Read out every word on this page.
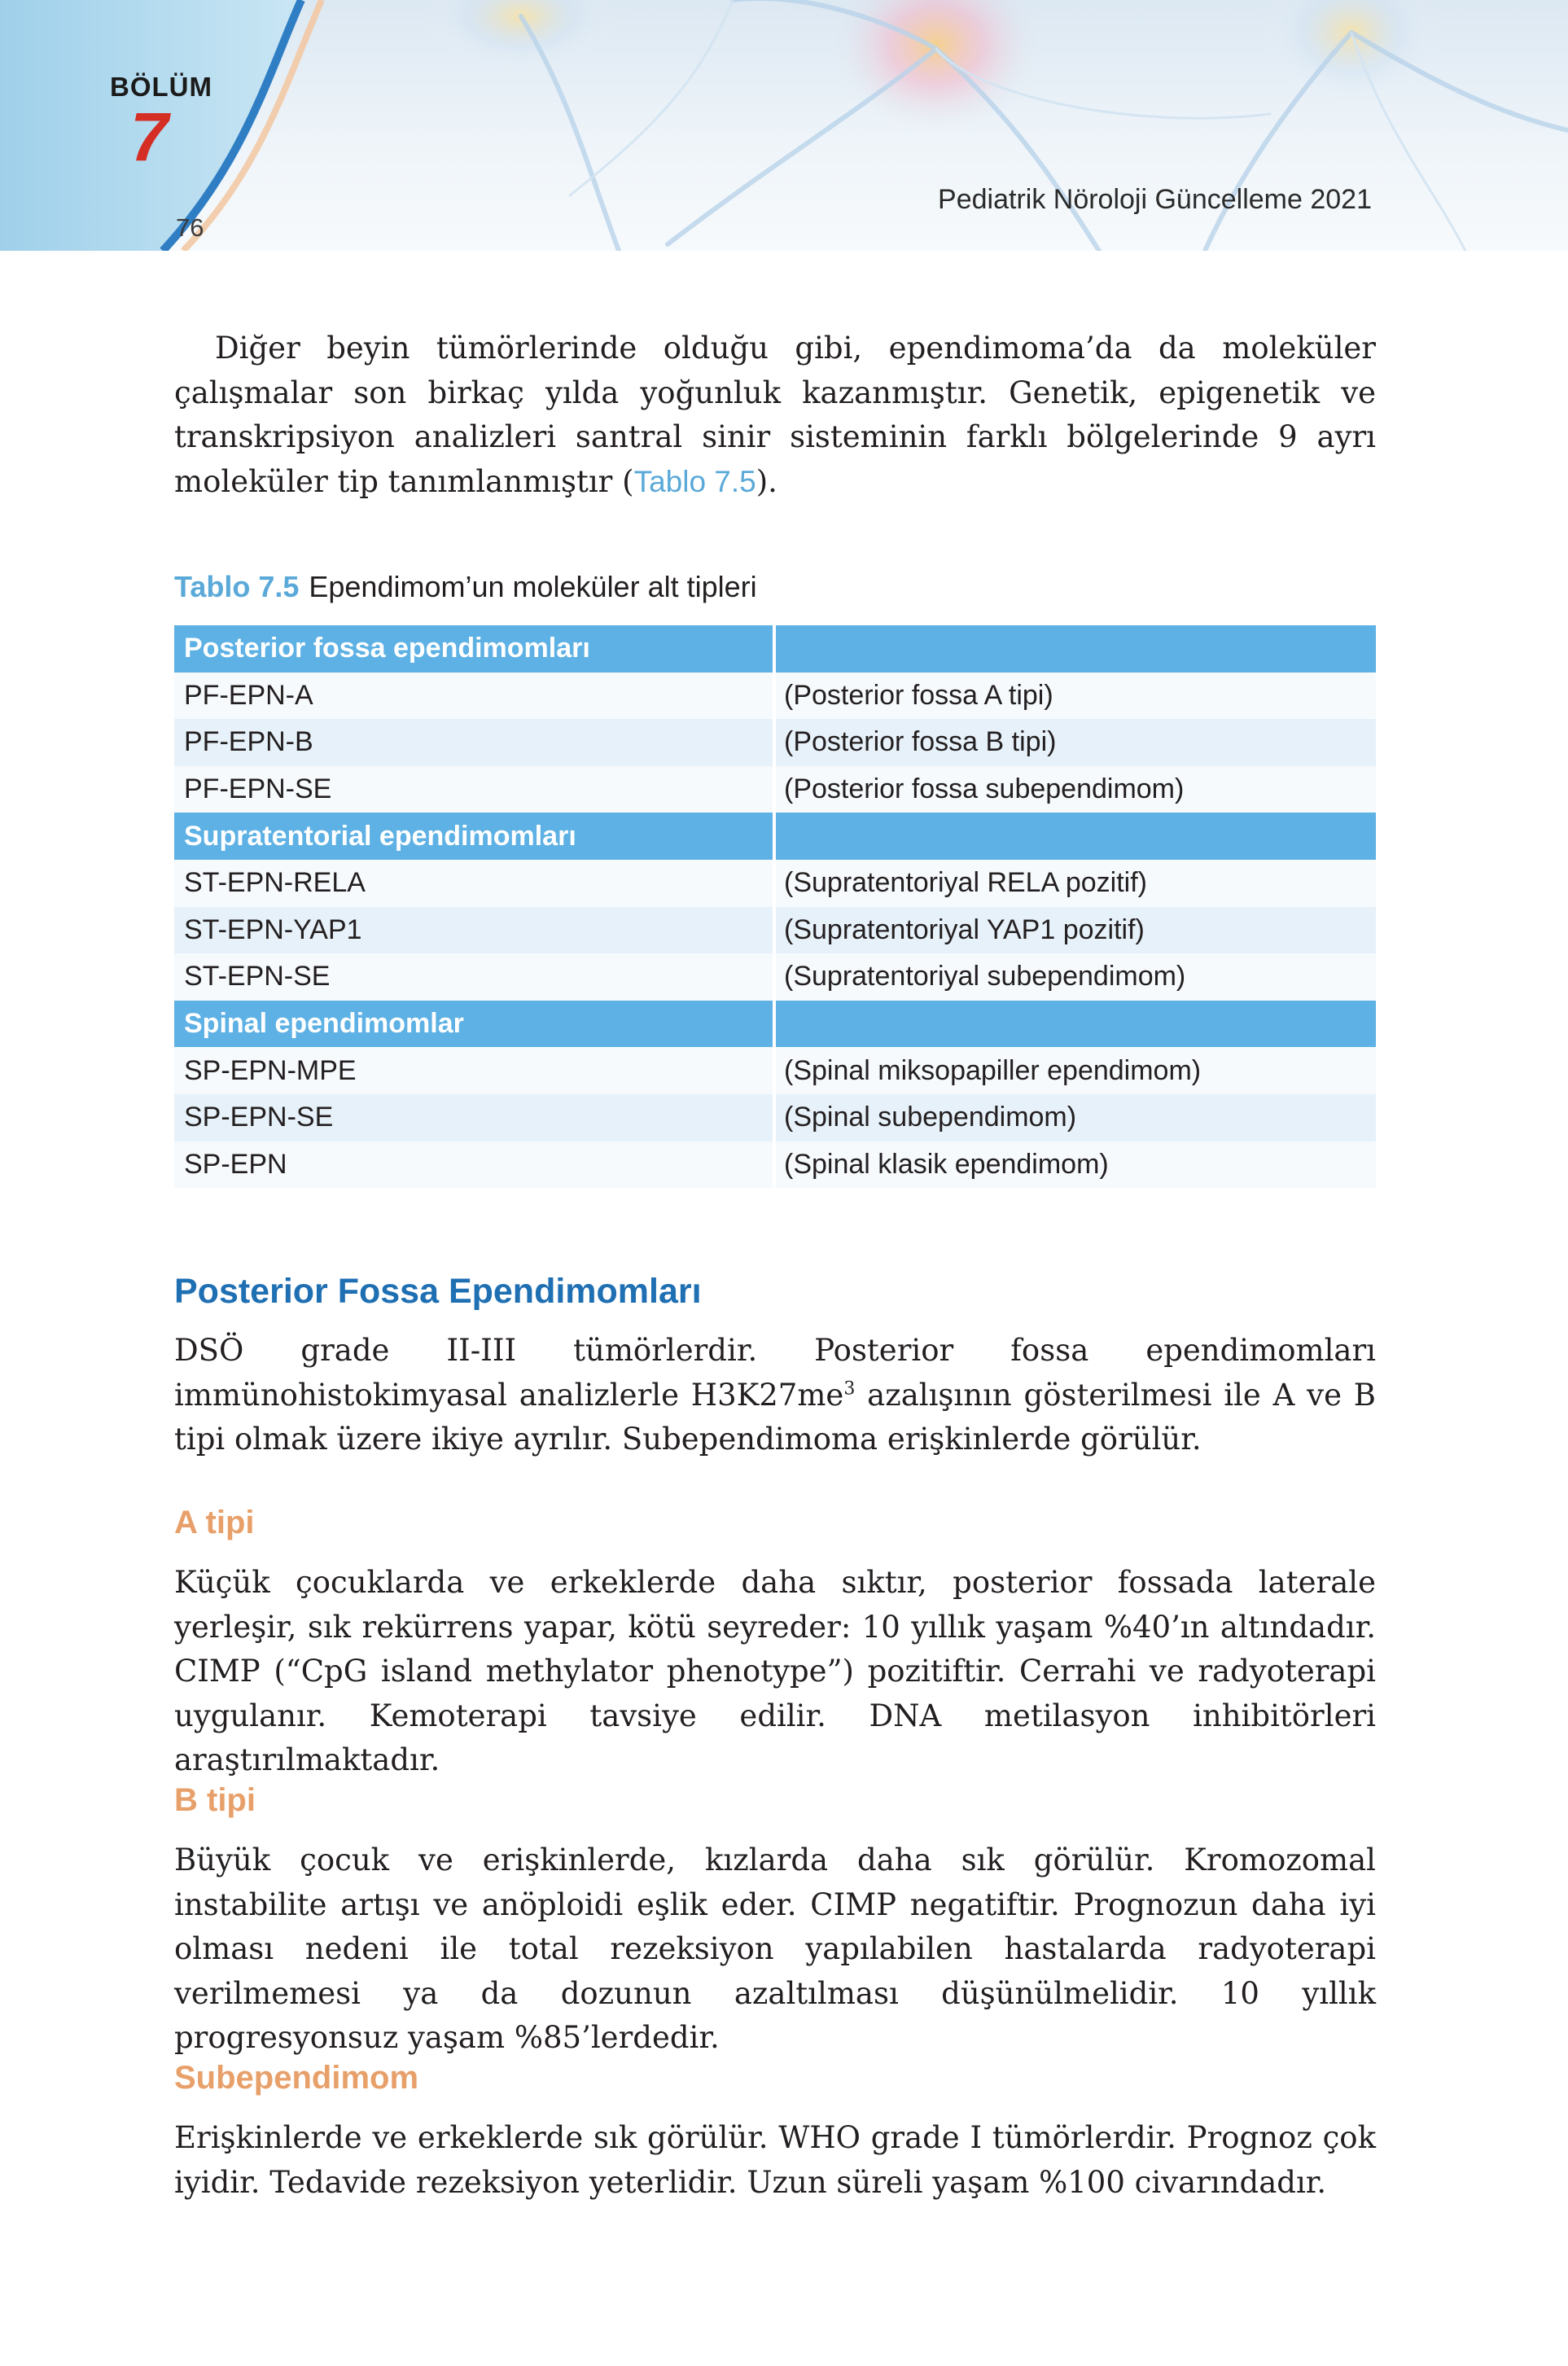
BÖLÜM
7
76
Pediatrik Nöroloji Güncelleme 2021

Diğer beyin tümörlerinde olduğu gibi, ependimoma’da da moleküler çalışmalar son birkaç yılda yoğunluk kazanmıştır. Genetik, epigenetik ve transkripsiyon analizleri santral sinir sisteminin farklı bölgelerinde 9 ayrı moleküler tip tanımlanmıştır (Tablo 7.5).

Tablo 7.5 Ependimom’un moleküler alt tipleri

Posterior fossa ependimomları
PF-EPN-A	(Posterior fossa A tipi)
PF-EPN-B	(Posterior fossa B tipi)
PF-EPN-SE	(Posterior fossa subependimom)
Supratentorial ependimomları
ST-EPN-RELA	(Supratentoriyal RELA pozitif)
ST-EPN-YAP1	(Supratentoriyal YAP1 pozitif)
ST-EPN-SE	(Supratentoriyal subependimom)
Spinal ependimomlar
SP-EPN-MPE	(Spinal miksopapiller ependimom)
SP-EPN-SE	(Spinal subependimom)
SP-EPN	(Spinal klasik ependimom)
Posterior Fossa Ependimomları

DSÖ grade II-III tümörlerdir. Posterior fossa ependimomları immünohistokimyasal analizlerle $H3K27me^3$ azalışının gösterilmesi ile A ve B tipi olmak üzere ikiye ayrılır. Subependimoma erişkinlerde görülür.

A tipi

Küçük çocuklarda ve erkeklerde daha sıktır, posterior fossada laterale yerleşir, sık rekürrens yapar, kötü seyreder: 10 yıllık yaşam %40’ın altındadır. CIMP (“CpG island methylator phenotype”) pozitiftir. Cerrahi ve radyoterapi uygulanır. Kemoterapi tavsiye edilir. DNA metilasyon inhibitörleri araştırılmaktadır.

B tipi

Büyük çocuk ve erişkinlerde, kızlarda daha sık görülür. Kromozomal instabilite artışı ve anöploidi eşlik eder. CIMP negatiftir. Prognozun daha iyi olması nedeni ile total rezeksiyon yapılabilen hastalarda radyoterapi verilmemesi ya da dozunun azaltılması düşünülmelidir. 10 yıllık progresyonsuz yaşam %85’lerdedir.

Subependimom

Erişkinlerde ve erkeklerde sık görülür. WHO grade I tümörlerdir. Prognoz çok iyidir. Tedavide rezeksiyon yeterlidir. Uzun süreli yaşam %100 civarındadır.
